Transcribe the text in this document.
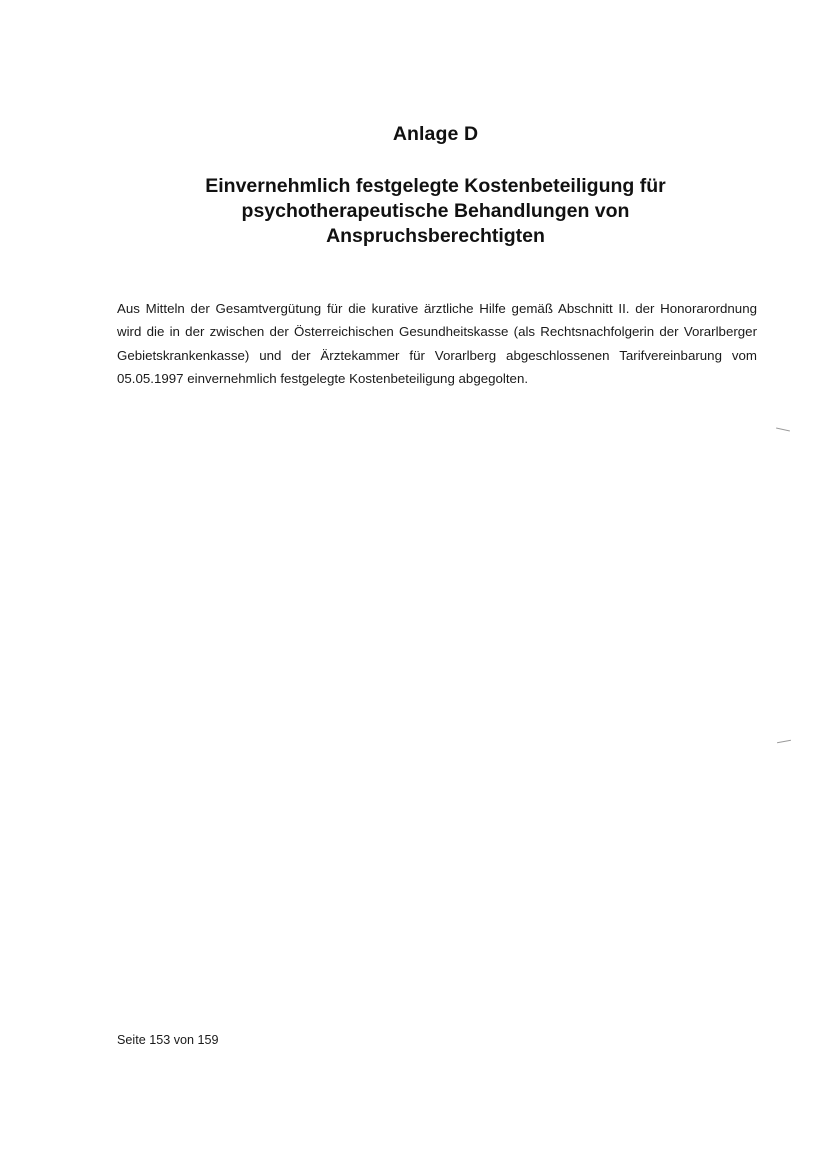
Anlage D
Einvernehmlich festgelegte Kostenbeteiligung für
psychotherapeutische Behandlungen von
Anspruchsberechtigten

Aus Mitteln der Gesamtvergütung für die kurative ärztliche Hilfe gemäß Abschnitt II. der Honorarordnung wird die in der zwischen der Österreichischen Gesundheitskasse (als Rechtsnachfolgerin der Vorarlberger Gebietskrankenkasse) und der Ärztekammer für Vorarlberg abgeschlossenen Tarifvereinbarung vom 05.05.1997 einvernehmlich festgelegte Kostenbeteiligung abgegolten.

Seite 153 von 159
